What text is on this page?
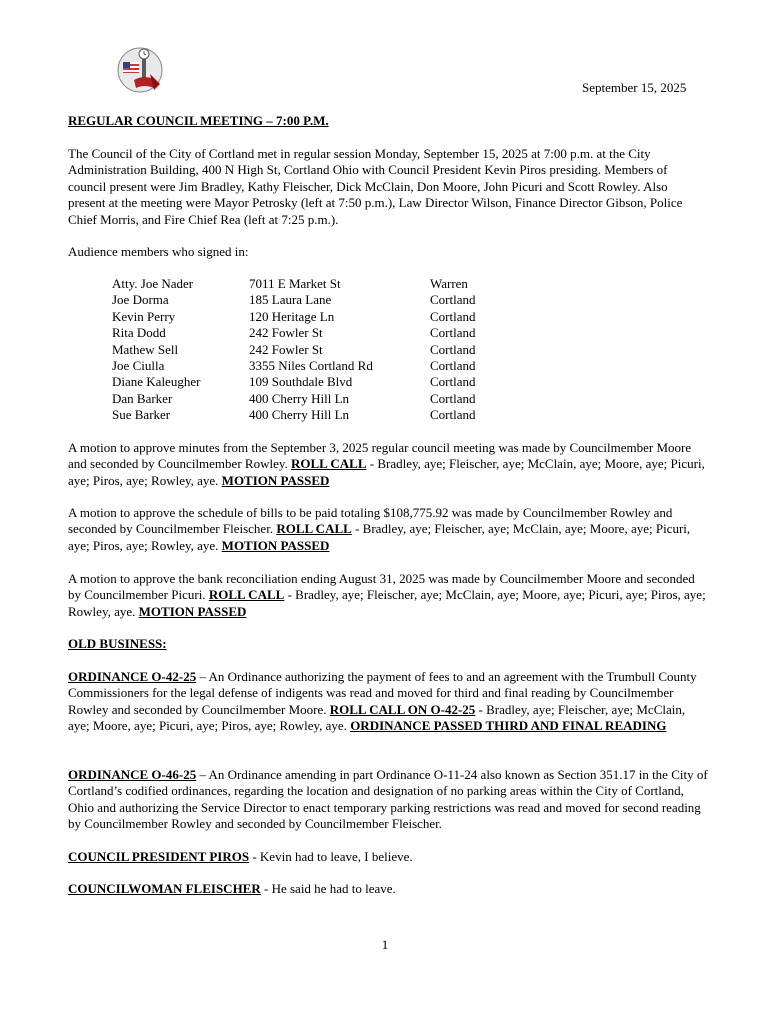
September 15, 2025
REGULAR COUNCIL MEETING – 7:00 P.M.

The Council of the City of Cortland met in regular session Monday, September 15, 2025 at 7:00 p.m. at the City Administration Building, 400 N High St, Cortland Ohio with Council President Kevin Piros presiding. Members of council present were Jim Bradley, Kathy Fleischer, Dick McClain, Don Moore, John Picuri and Scott Rowley. Also present at the meeting were Mayor Petrosky (left at 7:50 p.m.), Law Director Wilson, Finance Director Gibson, Police Chief Morris, and Fire Chief Rea (left at 7:25 p.m.).

Audience members who signed in:
Atty. Joe Nader	7011 E Market St	Warren
Joe Dorma	185 Laura Lane	Cortland
Kevin Perry	120 Heritage Ln	Cortland
Rita Dodd	242 Fowler St	Cortland
Mathew Sell	242 Fowler St	Cortland
Joe Ciulla	3355 Niles Cortland Rd	Cortland
Diane Kaleugher	109 Southdale Blvd	Cortland
Dan Barker	400 Cherry Hill Ln	Cortland
Sue Barker	400 Cherry Hill Ln	Cortland

A motion to approve minutes from the September 3, 2025 regular council meeting was made by Councilmember Moore and seconded by Councilmember Rowley. ROLL CALL - Bradley, aye; Fleischer, aye; McClain, aye; Moore, aye; Picuri, aye; Piros, aye; Rowley, aye. MOTION PASSED

A motion to approve the schedule of bills to be paid totaling $108,775.92 was made by Councilmember Rowley and seconded by Councilmember Fleischer. ROLL CALL - Bradley, aye; Fleischer, aye; McClain, aye; Moore, aye; Picuri, aye; Piros, aye; Rowley, aye. MOTION PASSED

A motion to approve the bank reconciliation ending August 31, 2025 was made by Councilmember Moore and seconded by Councilmember Picuri. ROLL CALL - Bradley, aye; Fleischer, aye; McClain, aye; Moore, aye; Picuri, aye; Piros, aye; Rowley, aye. MOTION PASSED

OLD BUSINESS:

ORDINANCE O-42-25 – An Ordinance authorizing the payment of fees to and an agreement with the Trumbull County Commissioners for the legal defense of indigents was read and moved for third and final reading by Councilmember Rowley and seconded by Councilmember Moore. ROLL CALL ON O-42-25 - Bradley, aye; Fleischer, aye; McClain, aye; Moore, aye; Picuri, aye; Piros, aye; Rowley, aye. ORDINANCE PASSED THIRD AND FINAL READING

ORDINANCE O-46-25 – An Ordinance amending in part Ordinance O-11-24 also known as Section 351.17 in the City of Cortland’s codified ordinances, regarding the location and designation of no parking areas within the City of Cortland, Ohio and authorizing the Service Director to enact temporary parking restrictions was read and moved for second reading by Councilmember Rowley and seconded by Councilmember Fleischer.

COUNCIL PRESIDENT PIROS - Kevin had to leave, I believe.

COUNCILWOMAN FLEISCHER - He said he had to leave.

1
